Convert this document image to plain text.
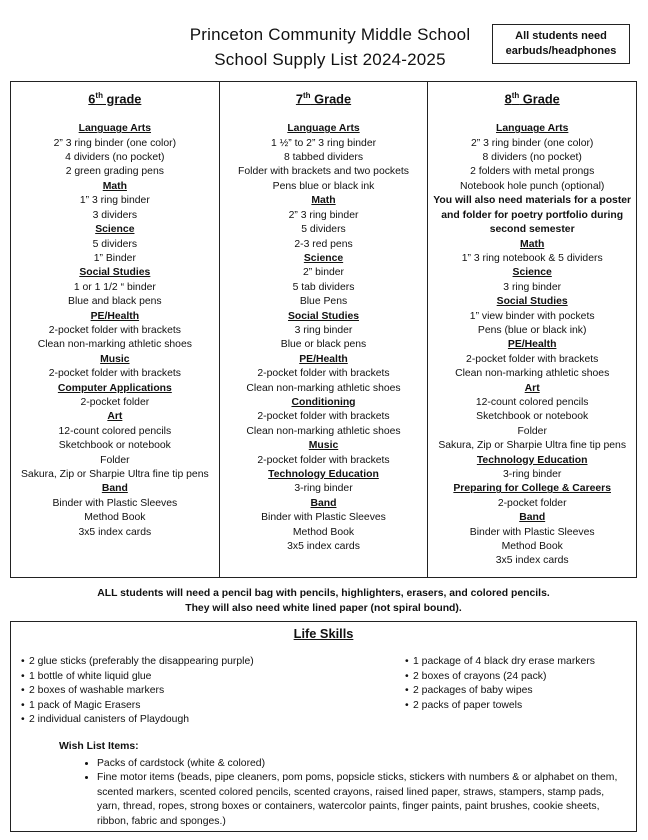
Princeton Community Middle School
School Supply List 2024-2025
All students need earbuds/headphones
6th grade
Language Arts
2” 3 ring binder (one color)
4 dividers (no pocket)
2 green grading pens
Math
1” 3 ring binder
3 dividers
Science
5 dividers
1” Binder
Social Studies
1 or 1 1/2 “ binder
Blue and black pens
PE/Health
2-pocket folder with brackets
Clean non-marking athletic shoes
Music
2-pocket folder with brackets
Computer Applications
2-pocket folder
Art
12-count colored pencils
Sketchbook or notebook
Folder
Sakura, Zip or Sharpie Ultra fine tip pens
Band
Binder with Plastic Sleeves
Method Book
3x5 index cards
7th Grade
Language Arts
1 ½” to 2” 3 ring binder
8 tabbed dividers
Folder with brackets and two pockets
Pens blue or black ink
Math
2” 3 ring binder
5 dividers
2-3 red pens
Science
2” binder
5 tab dividers
Blue Pens
Social Studies
3 ring binder
Blue or black pens
PE/Health
2-pocket folder with brackets
Clean non-marking athletic shoes
Conditioning
2-pocket folder with brackets
Clean non-marking athletic shoes
Music
2-pocket folder with brackets
Technology Education
3-ring binder
Band
Binder with Plastic Sleeves
Method Book
3x5 index cards
8th Grade
Language Arts
2” 3 ring binder (one color)
8 dividers (no pocket)
2 folders with metal prongs
Notebook hole punch (optional)
You will also need materials for a poster and folder for poetry portfolio during second semester
Math
1” 3 ring notebook & 5 dividers
Science
3 ring binder
Social Studies
1” view binder with pockets
Pens (blue or black ink)
PE/Health
2-pocket folder with brackets
Clean non-marking athletic shoes
Art
12-count colored pencils
Sketchbook or notebook
Folder
Sakura, Zip or Sharpie Ultra fine tip pens
Technology Education
3-ring binder
Preparing for College & Careers
2-pocket folder
Band
Binder with Plastic Sleeves
Method Book
3x5 index cards
ALL students will need a pencil bag with pencils, highlighters, erasers, and colored pencils.
They will also need white lined paper (not spiral bound).
Life Skills
• 2 glue sticks (preferably the disappearing purple)
• 1 bottle of white liquid glue
• 2 boxes of washable markers
• 1 pack of Magic Erasers
• 2 individual canisters of Playdough
• 1 package of 4 black dry erase markers
• 2 boxes of crayons (24 pack)
• 2 packages of baby wipes
• 2 packs of paper towels
Wish List Items:
• Packs of cardstock (white & colored)
• Fine motor items (beads, pipe cleaners, pom poms, popsicle sticks, stickers with numbers & or alphabet on them, scented markers, scented colored pencils, scented crayons, raised lined paper, straws, stampers, stamp pads, yarn, thread, ropes, strong boxes or containers, watercolor paints, finger paints, paint brushes, cookie sheets, ribbon, fabric and sponges.)
